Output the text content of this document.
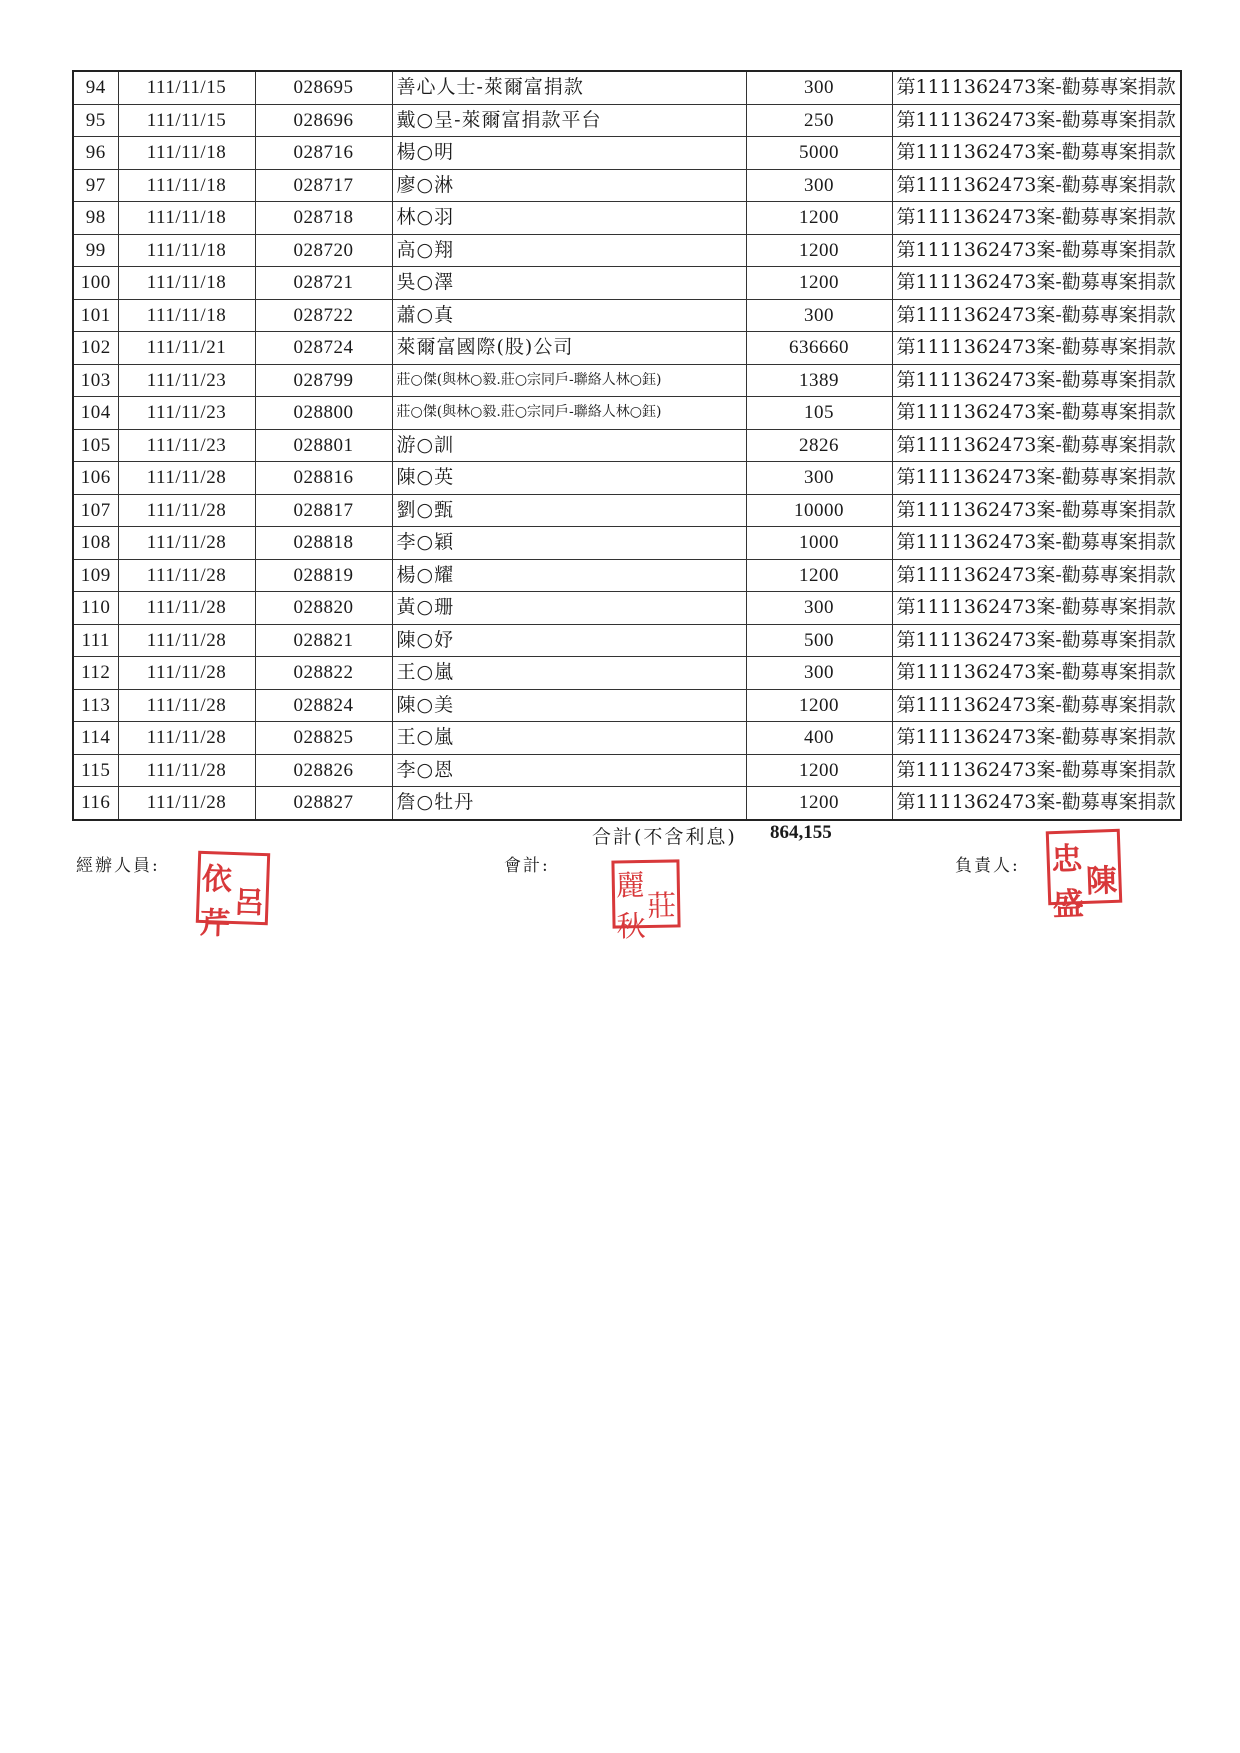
94	111/11/15	028695	善心人士-萊爾富捐款	300	第1111362473案-勸募專案捐款
95	111/11/15	028696	戴○呈-萊爾富捐款平台	250	第1111362473案-勸募專案捐款
96	111/11/18	028716	楊○明	5000	第1111362473案-勸募專案捐款
97	111/11/18	028717	廖○淋	300	第1111362473案-勸募專案捐款
98	111/11/18	028718	林○羽	1200	第1111362473案-勸募專案捐款
99	111/11/18	028720	高○翔	1200	第1111362473案-勸募專案捐款
100	111/11/18	028721	吳○澤	1200	第1111362473案-勸募專案捐款
101	111/11/18	028722	蕭○真	300	第1111362473案-勸募專案捐款
102	111/11/21	028724	萊爾富國際(股)公司	636660	第1111362473案-勸募專案捐款
103	111/11/23	028799	莊○傑(與林○毅.莊○宗同戶-聯絡人林○鈺)	1389	第1111362473案-勸募專案捐款
104	111/11/23	028800	莊○傑(與林○毅.莊○宗同戶-聯絡人林○鈺)	105	第1111362473案-勸募專案捐款
105	111/11/23	028801	游○訓	2826	第1111362473案-勸募專案捐款
106	111/11/28	028816	陳○英	300	第1111362473案-勸募專案捐款
107	111/11/28	028817	劉○甄	10000	第1111362473案-勸募專案捐款
108	111/11/28	028818	李○穎	1000	第1111362473案-勸募專案捐款
109	111/11/28	028819	楊○耀	1200	第1111362473案-勸募專案捐款
110	111/11/28	028820	黃○珊	300	第1111362473案-勸募專案捐款
111	111/11/28	028821	陳○妤	500	第1111362473案-勸募專案捐款
112	111/11/28	028822	王○嵐	300	第1111362473案-勸募專案捐款
113	111/11/28	028824	陳○美	1200	第1111362473案-勸募專案捐款
114	111/11/28	028825	王○嵐	400	第1111362473案-勸募專案捐款
115	111/11/28	028826	李○恩	1200	第1111362473案-勸募專案捐款
116	111/11/28	028827	詹○牡丹	1200	第1111362473案-勸募專案捐款
合計(不含利息) 864,155
經辦人員:
呂
依
芹
會計:
莊
麗
秋
負責人: 陳
忠
盛
